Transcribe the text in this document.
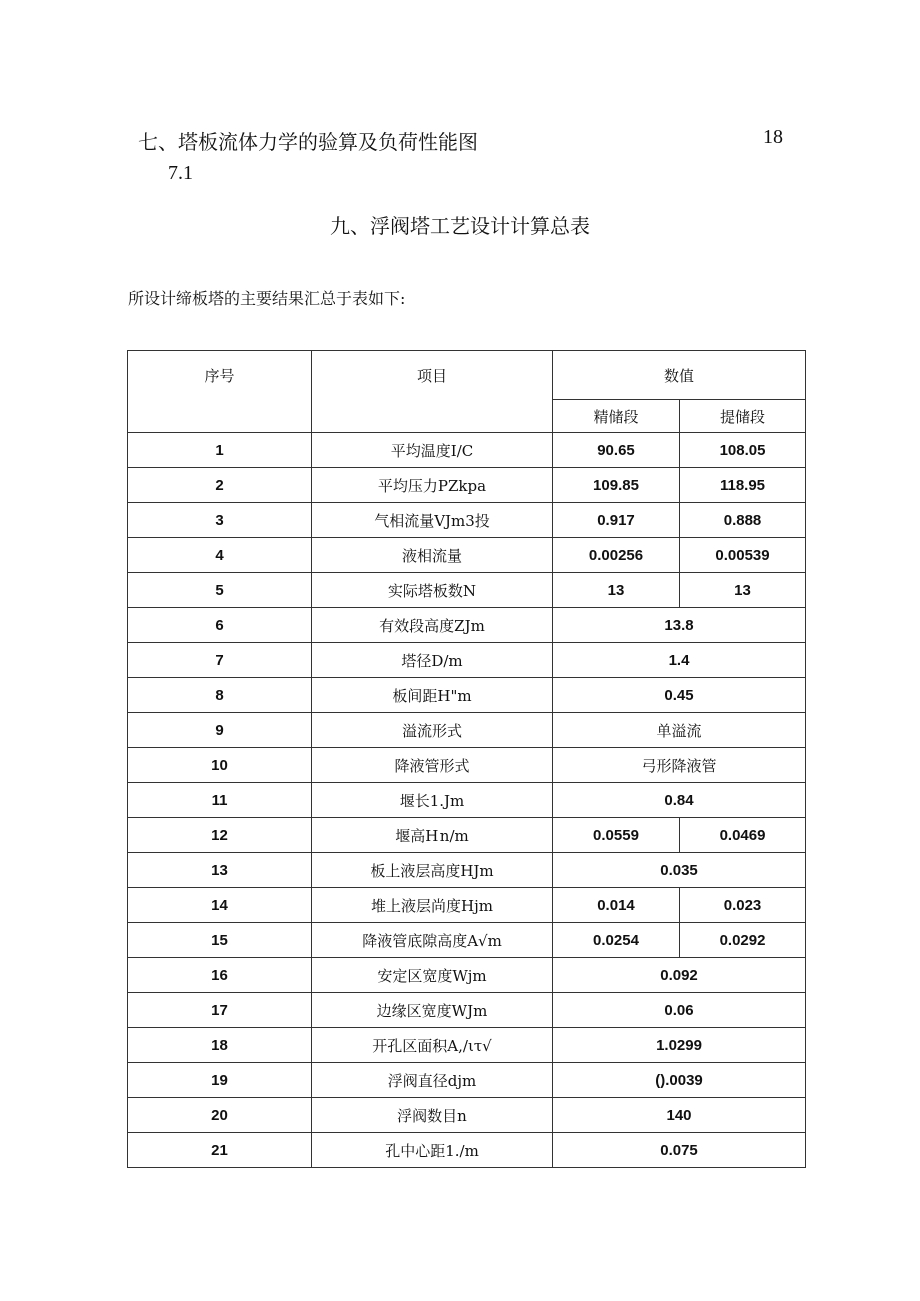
七、塔板流体力学的验算及负荷性能图	18
7.1
九、浮阀塔工艺设计计算总表
所设计缔板塔的主要结果汇总于表如下:
序号	项目	数值	
		精储段	提储段
1	平均温度I/C	90.65	108.05
2	平均压力PZkpa	109.85	118.95
3	气相流量VJm3投	0.917	0.888
4	液相流量	0.00256	0.00539
5	实际塔板数N	13	13
6	有效段高度ZJm	13.8	
7	塔径D/m	1.4	
8	板间距H"m	0.45	
9	溢流形式	单溢流	
10	降液管形式	弓形降液管	
11	堰长1.Jm	0.84	
12	堰高H n/m	0.0559	0.0469
13	板上液层高度HJm	0.035	
14	堆上液层尚度Hjm	0.014	0.023
15	降液管底隙高度A√m	0.0254	0.0292
16	安定区宽度Wjm	0.092	
17	边缘区宽度WJm	0.06	
18	开孔区面积A,/ιτ√	1.0299	
19	浮阀直径djm	().0039	
20	浮阀数目n	140	
21	孔中心距1./m	0.075	
